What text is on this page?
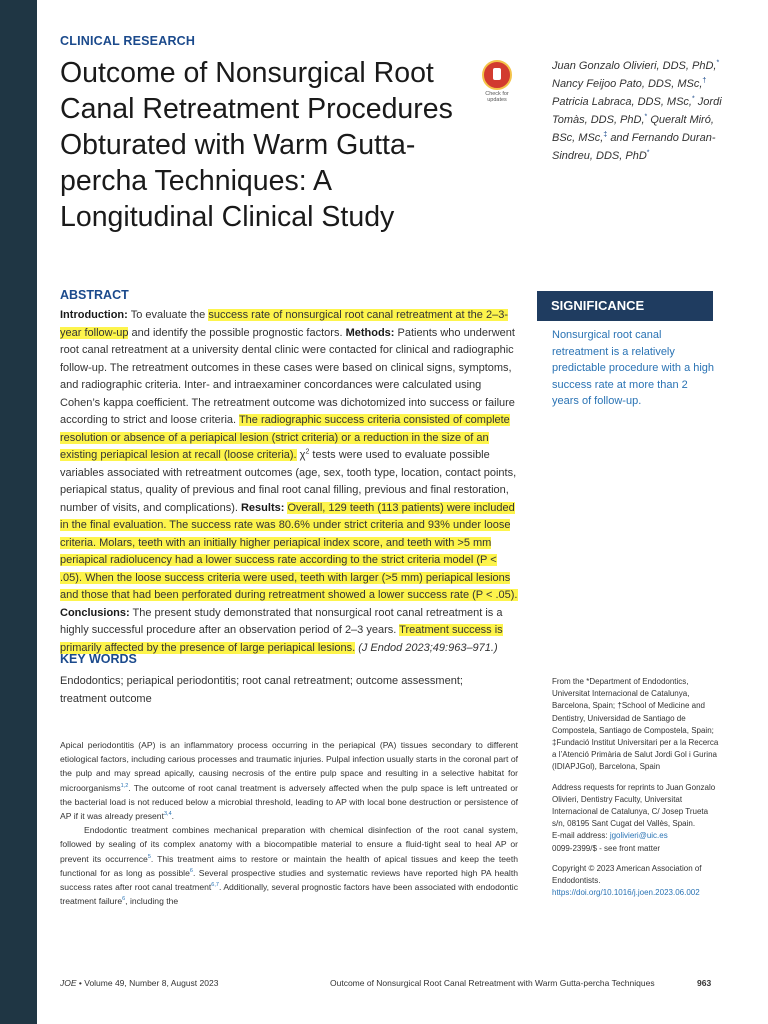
CLINICAL RESEARCH
Outcome of Nonsurgical Root Canal Retreatment Procedures Obturated with Warm Gutta-percha Techniques: A Longitudinal Clinical Study
Check for updates
Juan Gonzalo Olivieri, DDS, PhD,* Nancy Feijoo Pato, DDS, MSc,† Patricia Labraca, DDS, MSc,* Jordi Tomàs, DDS, PhD,* Queralt Miró, BSc, MSc,‡ and Fernando Duran-Sindreu, DDS, PhD*
ABSTRACT
Introduction: To evaluate the success rate of nonsurgical root canal retreatment at the 2–3-year follow-up and identify the possible prognostic factors. Methods: Patients who underwent root canal retreatment at a university dental clinic were contacted for clinical and radiographic follow-up. The retreatment outcomes in these cases were based on clinical signs, symptoms, and radiographic criteria. Inter- and intraexaminer concordances were calculated using Cohen’s kappa coefficient. The retreatment outcome was dichotomized into success or failure according to strict and loose criteria. The radiographic success criteria consisted of complete resolution or absence of a periapical lesion (strict criteria) or a reduction in the size of an existing periapical lesion at recall (loose criteria). $\chi^2$ tests were used to evaluate possible variables associated with retreatment outcomes (age, sex, tooth type, location, contact points, periapical status, quality of previous and final root canal filling, previous and final restoration, number of visits, and complications). Results: Overall, 129 teeth (113 patients) were included in the final evaluation. The success rate was 80.6% under strict criteria and 93% under loose criteria. Molars, teeth with an initially higher periapical index score, and teeth with >5 mm periapical radiolucency had a lower success rate according to the strict criteria model (P < .05). When the loose success criteria were used, teeth with larger (>5 mm) periapical lesions and those that had been perforated during retreatment showed a lower success rate (P < .05). Conclusions: The present study demonstrated that nonsurgical root canal retreatment is a highly successful procedure after an observation period of 2–3 years. Treatment success is primarily affected by the presence of large periapical lesions. (J Endod 2023;49:963–971.)
SIGNIFICANCE
Nonsurgical root canal retreatment is a relatively predictable procedure with a high success rate at more than 2 years of follow-up.
KEY WORDS
Endodontics; periapical periodontitis; root canal retreatment; outcome assessment; treatment outcome

Apical periodontitis (AP) is an inflammatory process occurring in the periapical (PA) tissues secondary to different etiological factors, including carious processes and traumatic injuries. Pulpal infection usually starts in the coronal part of the pulp and may spread apically, causing necrosis of the entire pulp space and resulting in a selective habitat for microorganisms$^{1,2}$. The outcome of root canal treatment is adversely affected when the pulp space is left untreated or the bacterial load is not reduced below a microbial threshold, leading to AP with local bone destruction or persistence of AP if it was already present$^{3,4}$.

Endodontic treatment combines mechanical preparation with chemical disinfection of the root canal system, followed by sealing of its complex anatomy with a biocompatible material to ensure a fluid-tight seal to heal AP or prevent its occurrence$^5$. This treatment aims to restore or maintain the health of apical tissues and keep the teeth functional for as long as possible$^6$. Several prospective studies and systematic reviews have reported high PA health success rates after root canal treatment$^{6,7}$. Additionally, several prognostic factors have been associated with endodontic treatment failure$^6$, including the

From the *Department of Endodontics, Universitat Internacional de Catalunya, Barcelona, Spain; †School of Medicine and Dentistry, Universidad de Santiago de Compostela, Santiago de Compostela, Spain; ‡Fundació Institut Universitari per a la Recerca a l’Atenció Primària de Salut Jordi Gol i Gurina (IDIAPJGol), Barcelona, Spain

Address requests for reprints to Juan Gonzalo Olivieri, Dentistry Faculty, Universitat Internacional de Catalunya, C/ Josep Trueta s/n, 08195 Sant Cugat del Vallès, Spain.
E-mail address: jgolivieri@uic.es

0099-2399/$ - see front matter

Copyright © 2023 American Association of Endodontists.
https://doi.org/10.1016/j.joen.2023.06.002

JOE • Volume 49, Number 8, August 2023	Outcome of Nonsurgical Root Canal Retreatment with Warm Gutta-percha Techniques	963
